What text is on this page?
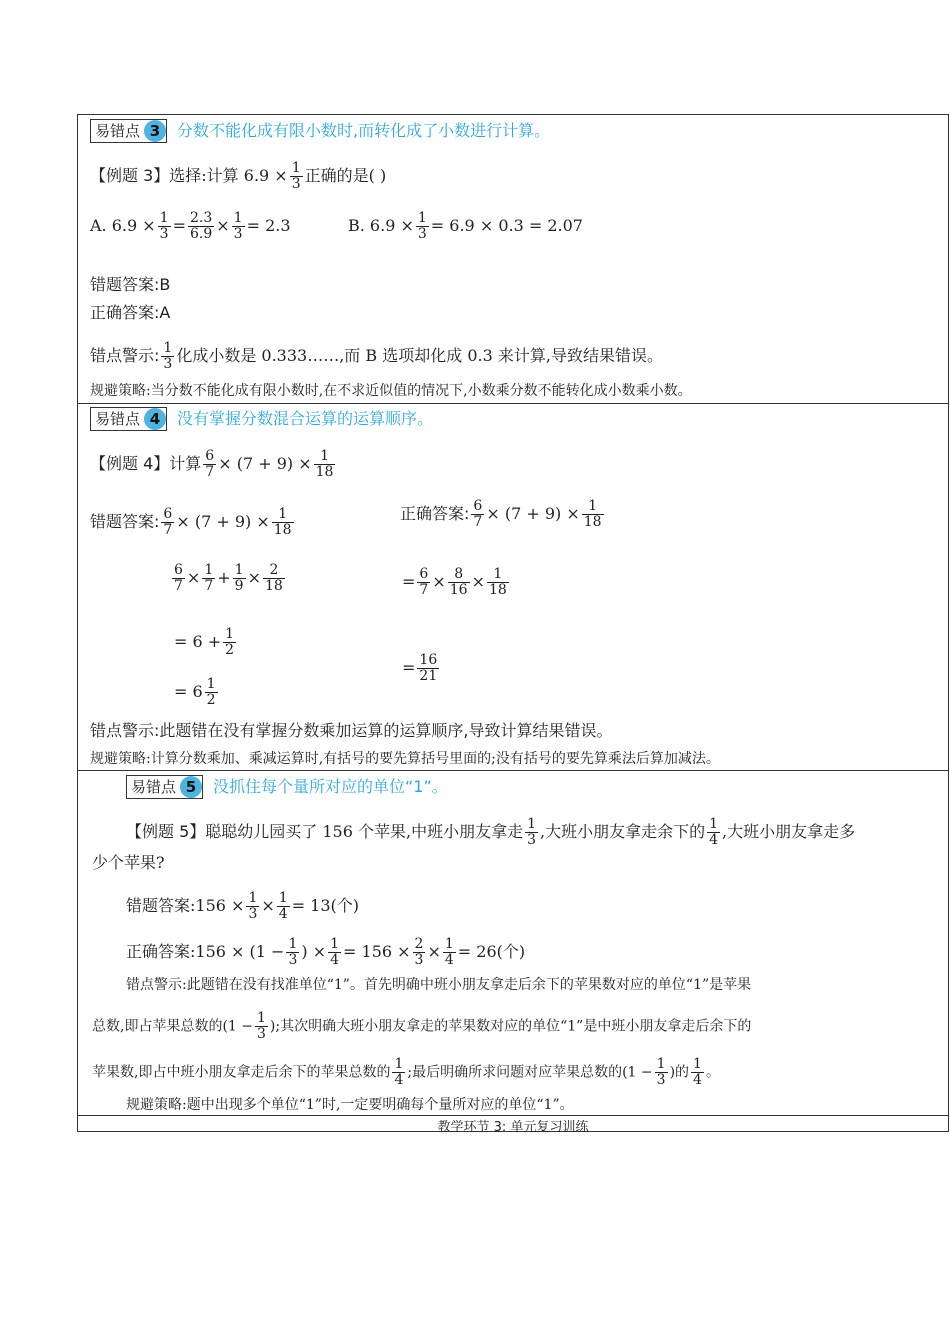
易错点 3	分数不能化成有限小数时,而转化成了小数进行计算。
【例题 3】选择:计算 $6.9 \times \frac{1}{3}$ 正确的是( )
A. $6.9 \times \frac{1}{3} = \frac{2.3}{6.9} \times \frac{1}{3} = 2.3$	B. $6.9 \times \frac{1}{3} = 6.9 \times 0.3 = 2.07$
错题答案:B
正确答案:A
错点警示: $\frac{1}{3}$ 化成小数是 0.333……,而 B 选项却化成 0.3 来计算,导致结果错误。
规避策略:当分数不能化成有限小数时,在不求近似值的情况下,小数乘分数不能转化成小数乘小数。
易错点 4	没有掌握分数混合运算的运算顺序。
【例题 4】计算 $\frac{6}{7} \times (7 + 9) \times \frac{1}{18}$
错题答案: $\frac{6}{7} \times (7 + 9) \times \frac{1}{18}$
$\frac{6}{7} \times \frac{1}{7} + \frac{1}{9} \times \frac{2}{18}$
= $6 + \frac{1}{2}$
= $6 \frac{1}{2}$
正确答案: $\frac{6}{7} \times (7 + 9) \times \frac{1}{18}$
= $\frac{6}{7} \times \frac{8}{16} \times \frac{1}{18}$
= $\frac{16}{21}$
错点警示:此题错在没有掌握分数乘加运算的运算顺序,导致计算结果错误。
规避策略:计算分数乘加、乘减运算时,有括号的要先算括号里面的;没有括号的要先算乘法后算加减法。
易错点 5	没抓住每个量所对应的单位“1”。
【例题 5】聪聪幼儿园买了 156 个苹果,中班小朋友拿走 $\frac{1}{3}$ ,大班小朋友拿走余下的 $\frac{1}{4}$ ,大班小朋友拿走多
少个苹果?
错题答案:156 × $\frac{1}{3} \times \frac{1}{4} = 13$(个)
正确答案:156 × ($1 - \frac{1}{3}$ ) × $\frac{1}{4} = 156 \times \frac{2}{3} \times \frac{1}{4} = 26$(个)
错点警示:此题错在没有找准单位“1”。首先明确中班小朋友拿走后余下的苹果数对应的单位“1”是苹果
总数,即占苹果总数的($1 - \frac{1}{3}$ );其次明确大班小朋友拿走的苹果数对应的单位“1”是中班小朋友拿走后余下的
苹果数,即占中班小朋友拿走后余下的苹果总数的 $\frac{1}{4}$ ;最后明确所求问题对应苹果总数的($1 - \frac{1}{3}$ )的 $\frac{1}{4}$ 。
规避策略:题中出现多个单位“1”时,一定要明确每个量所对应的单位“1”。
教学环节 3: 单元复习训练
